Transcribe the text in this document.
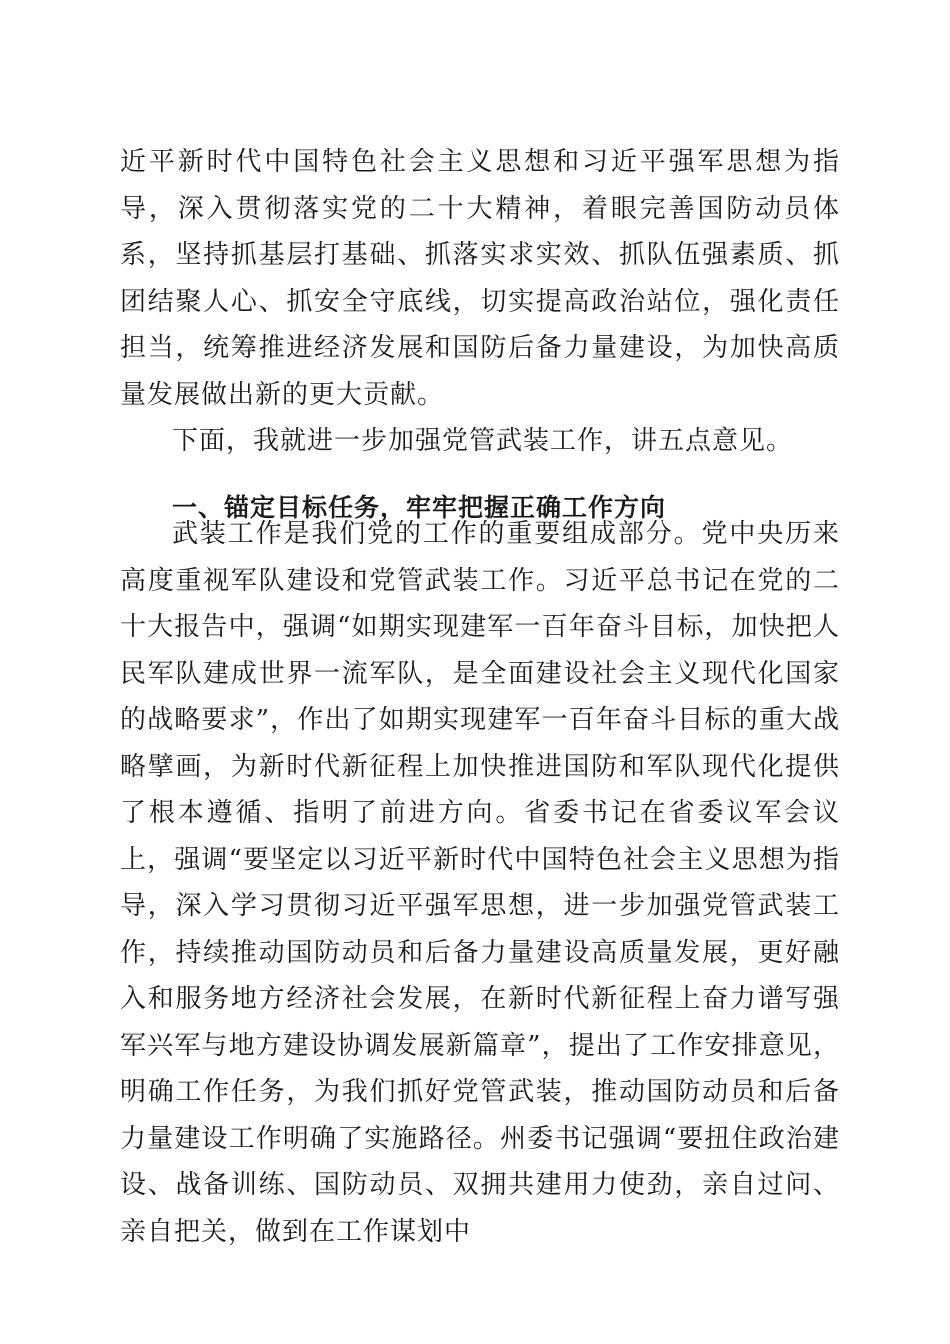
近平新时代中国特色社会主义思想和习近平强军思想为指导，深入贯彻落实党的二十大精神，着眼完善国防动员体系，坚持抓基层打基础、抓落实求实效、抓队伍强素质、抓团结聚人心、抓安全守底线，切实提高政治站位，强化责任担当，统筹推进经济发展和国防后备力量建设，为加快高质量发展做出新的更大贡献。

下面，我就进一步加强党管武装工作，讲五点意见。

一、锚定目标任务，牢牢把握正确工作方向

武装工作是我们党的工作的重要组成部分。党中央历来高度重视军队建设和党管武装工作。习近平总书记在党的二十大报告中，强调“如期实现建军一百年奋斗目标，加快把人民军队建成世界一流军队，是全面建设社会主义现代化国家的战略要求”，作出了如期实现建军一百年奋斗目标的重大战略擘画，为新时代新征程上加快推进国防和军队现代化提供了根本遵循、指明了前进方向。省委书记在省委议军会议上，强调“要坚定以习近平新时代中国特色社会主义思想为指导，深入学习贯彻习近平强军思想，进一步加强党管武装工作，持续推动国防动员和后备力量建设高质量发展，更好融入和服务地方经济社会发展，在新时代新征程上奋力谱写强军兴军与地方建设协调发展新篇章”，提出了工作安排意见，明确工作任务，为我们抓好党管武装，推动国防动员和后备力量建设工作明确了实施路径。州委书记强调“要扭住政治建设、战备训练、国防动员、双拥共建用力使劲，亲自过问、亲自把关，做到在工作谋划中
